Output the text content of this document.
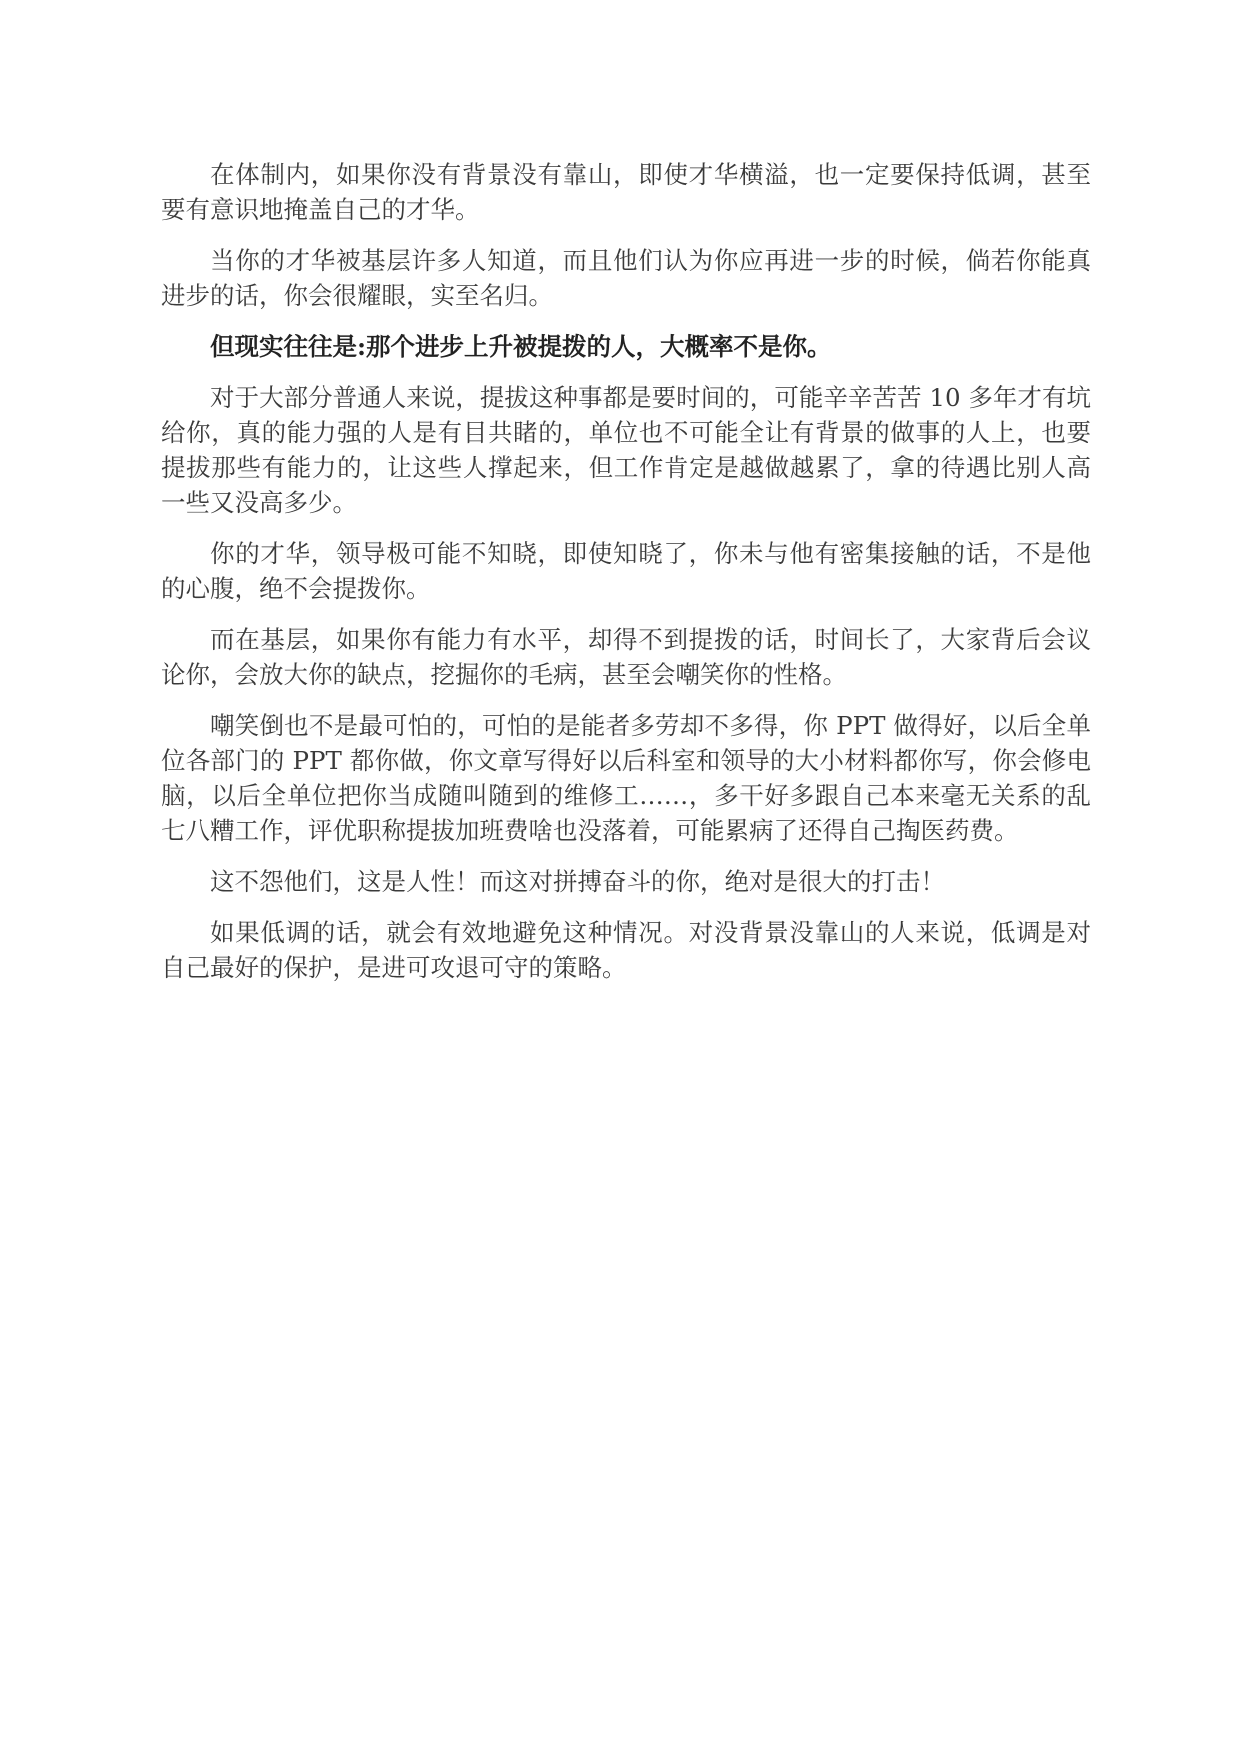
在体制内，如果你没有背景没有靠山，即使才华横溢，也一定要保持低调，甚至要有意识地掩盖自己的才华。

当你的才华被基层许多人知道，而且他们认为你应再进一步的时候，倘若你能真进步的话，你会很耀眼，实至名归。

但现实往往是:那个进步上升被提拨的人，大概率不是你。

对于大部分普通人来说，提拔这种事都是要时间的，可能辛辛苦苦 10 多年才有坑给你，真的能力强的人是有目共睹的，单位也不可能全让有背景的做事的人上，也要提拔那些有能力的，让这些人撑起来，但工作肯定是越做越累了，拿的待遇比别人高一些又没高多少。

你的才华，领导极可能不知晓，即使知晓了，你未与他有密集接触的话，不是他的心腹，绝不会提拨你。

而在基层，如果你有能力有水平，却得不到提拨的话，时间长了，大家背后会议论你，会放大你的缺点，挖掘你的毛病，甚至会嘲笑你的性格。

嘲笑倒也不是最可怕的，可怕的是能者多劳却不多得，你 PPT 做得好，以后全单位各部门的 PPT 都你做，你文章写得好以后科室和领导的大小材料都你写，你会修电脑，以后全单位把你当成随叫随到的维修工……，多干好多跟自己本来毫无关系的乱七八糟工作，评优职称提拔加班费啥也没落着，可能累病了还得自己掏医药费。

这不怨他们，这是人性！而这对拼搏奋斗的你，绝对是很大的打击！

如果低调的话，就会有效地避免这种情况。对没背景没靠山的人来说，低调是对自己最好的保护，是进可攻退可守的策略。
